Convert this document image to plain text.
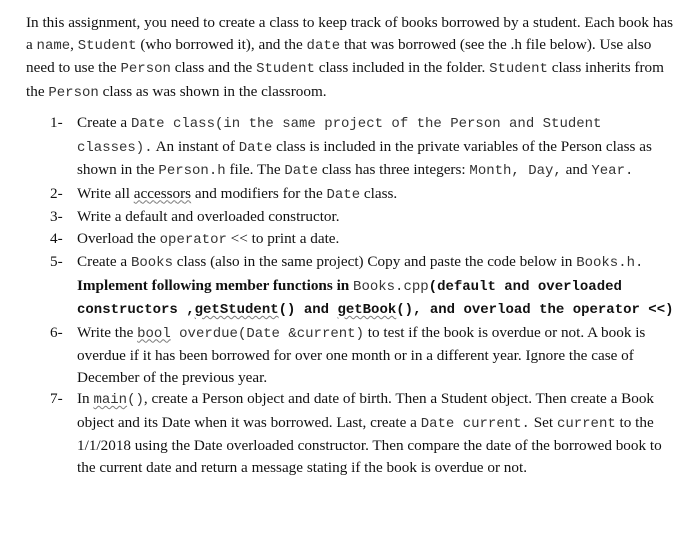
In this assignment, you need to create a class to keep track of books borrowed by a student. Each book has a name, Student (who borrowed it), and the date that was borrowed (see the .h file below). Use also need to use the Person class and the Student class included in the folder. Student class inherits from the Person class as was shown in the classroom.

1- Create a Date class(in the same project of the Person and Student classes). An instant of Date class is included in the private variables of the Person class as shown in the Person.h file. The Date class has three integers: Month, Day, and Year.
2- Write all accessors and modifiers for the Date class.
3- Write a default and overloaded constructor.
4- Overload the operator << to print a date.
5- Create a Books class (also in the same project) Copy and paste the code below in Books.h. Implement following member functions in Books.cpp(default and overloaded constructors ,getStudent() and getBook(), and overload the operator <<)
6- Write the bool overdue(Date &current) to test if the book is overdue or not. A book is overdue if it has been borrowed for over one month or in a different year. Ignore the case of December of the previous year.
7- In main(), create a Person object and date of birth. Then a Student object. Then create a Book object and its Date when it was borrowed. Last, create a Date current. Set current to the 1/1/2018 using the Date overloaded constructor. Then compare the date of the borrowed book to the current date and return a message stating if the book is overdue or not.
